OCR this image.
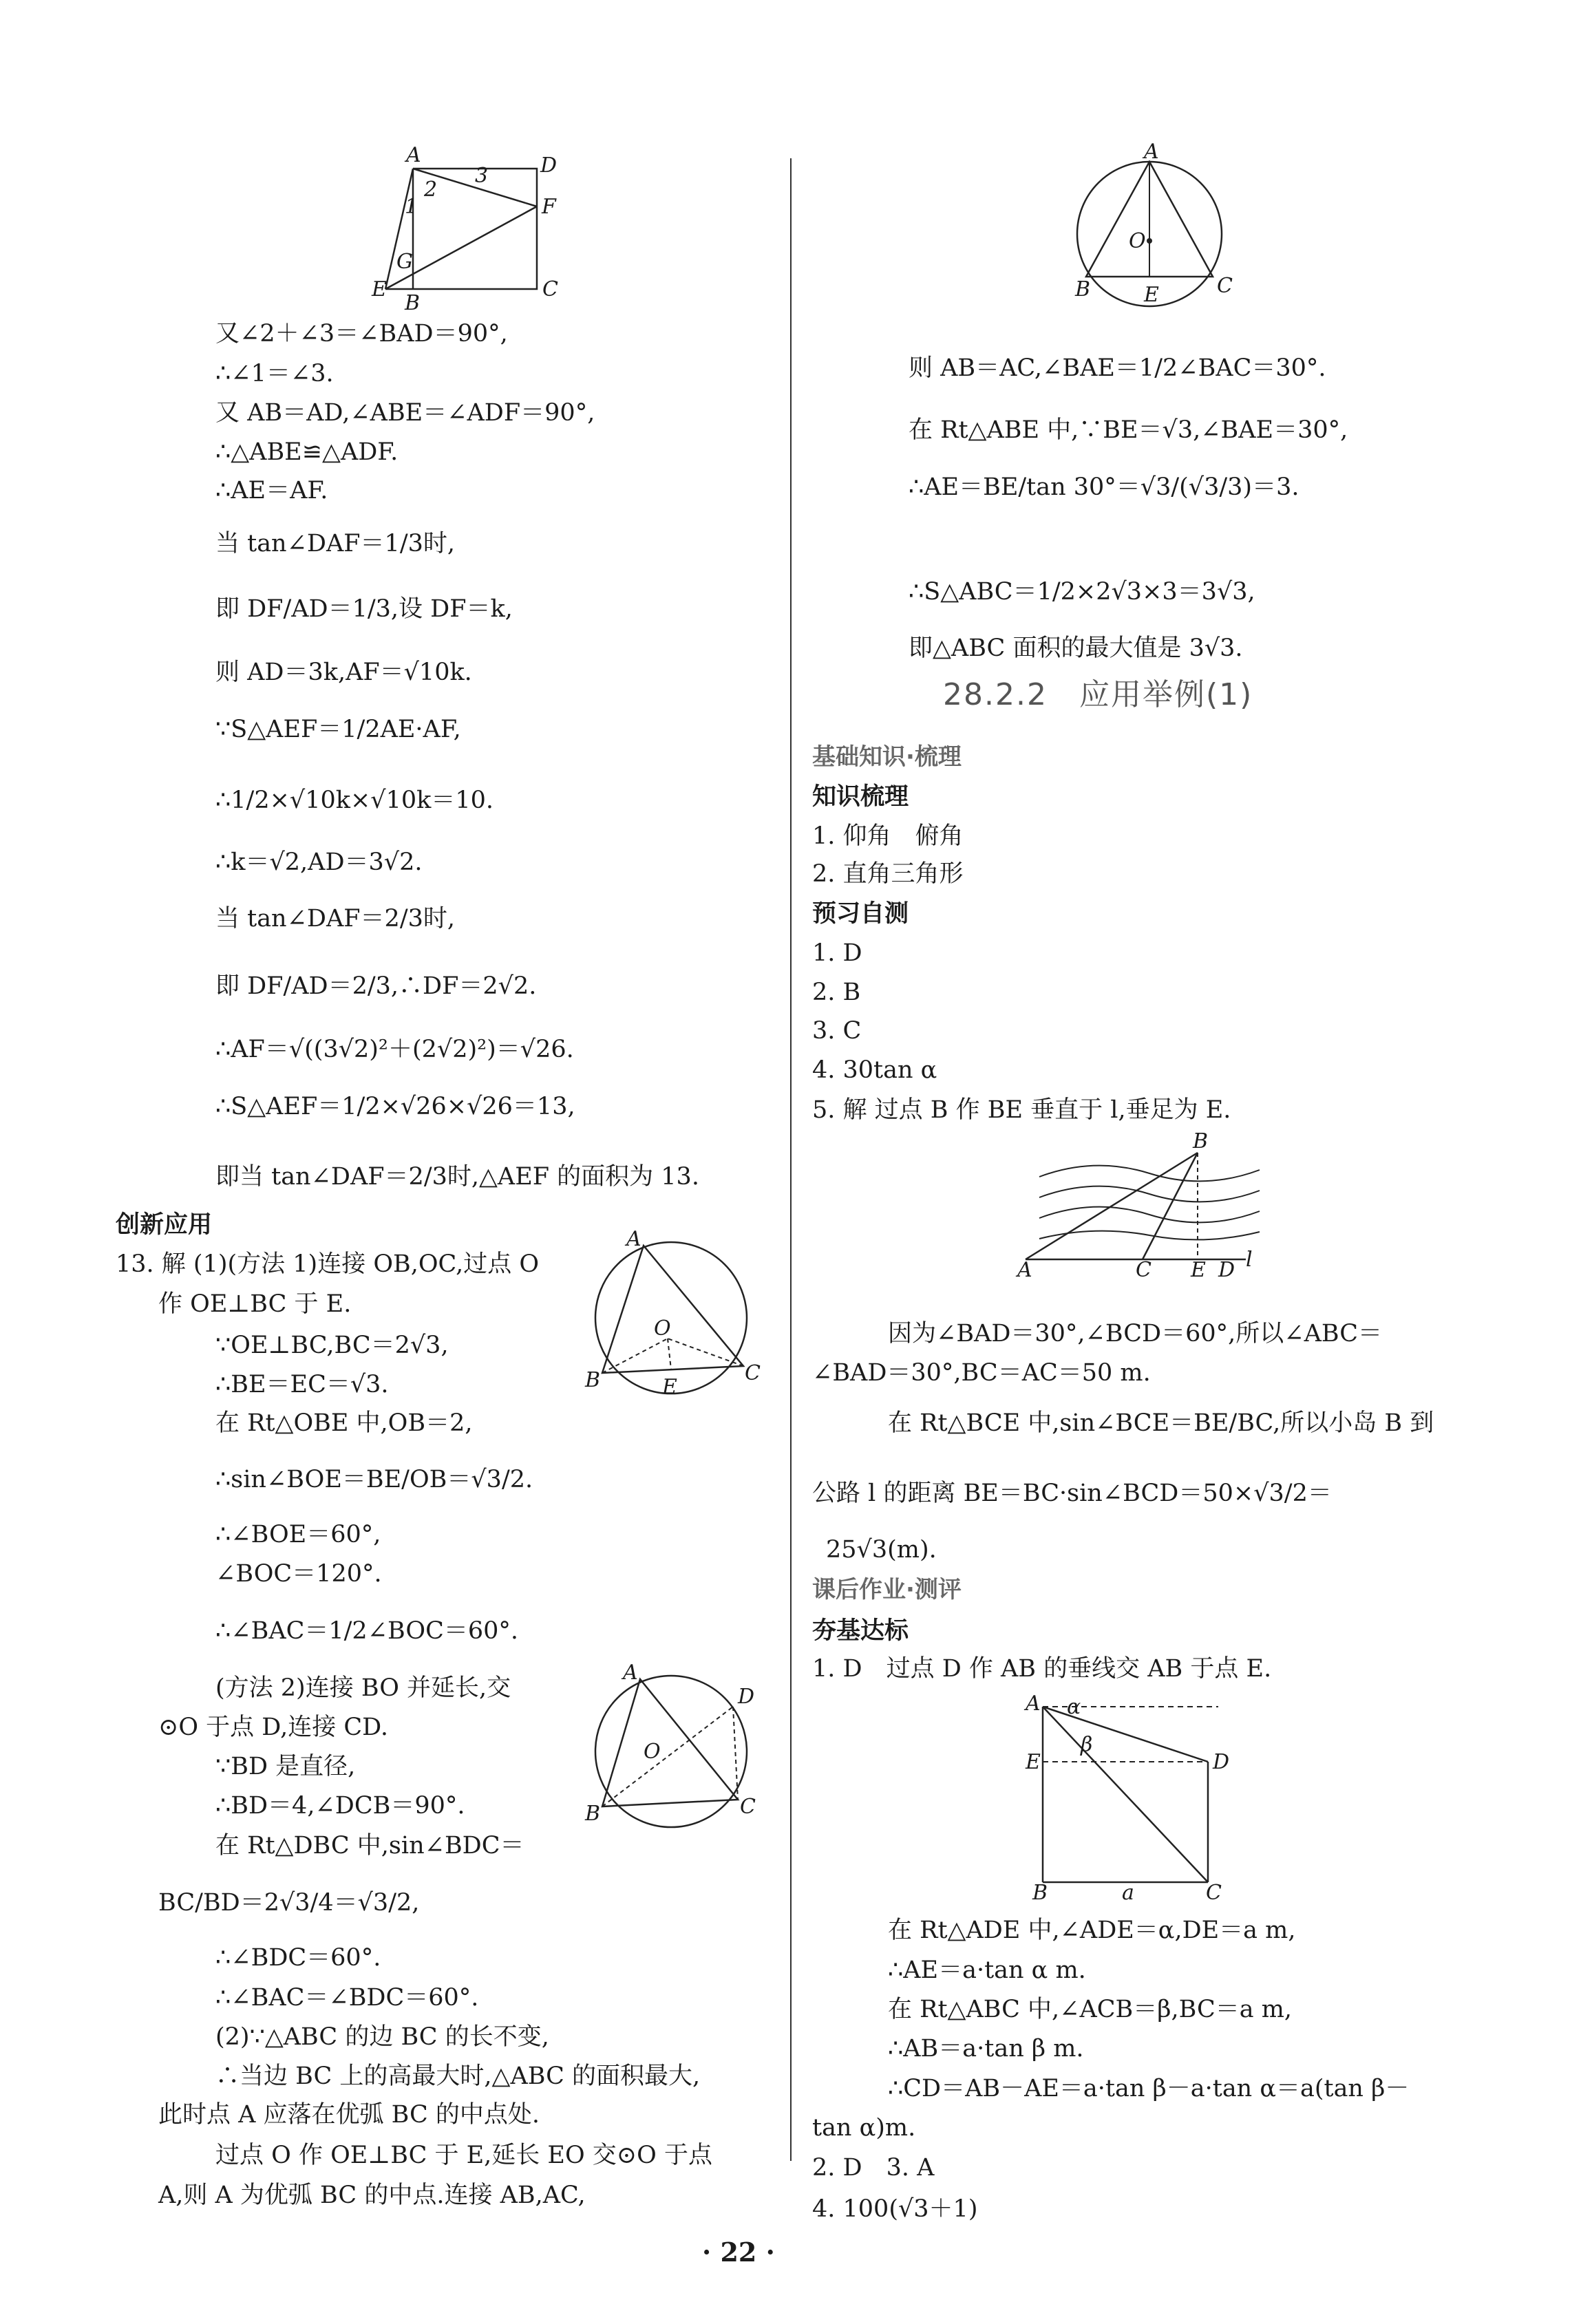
又∠2＋∠3＝∠BAD＝90°,
∴∠1＝∠3.
又 AB＝AD,∠ABE＝∠ADF＝90°,
∴△ABE≌△ADF.
∴AE＝AF.
当 tan∠DAF＝1/3时,
即 DF/AD＝1/3,设 DF＝k,
则 AD＝3k,AF＝√10k.
∵S△AEF＝1/2AE·AF,
∴1/2×√10k×√10k＝10.
∴k＝√2,AD＝3√2.
当 tan∠DAF＝2/3时,
即 DF/AD＝2/3,∴DF＝2√2.
∴AF＝√((3√2)²＋(2√2)²)＝√26.
∴S△AEF＝1/2×√26×√26＝13,
即当 tan∠DAF＝2/3时,△AEF 的面积为 13.
创新应用
13. 解 (1)(方法 1)连接 OB,OC,过点 O
作 OE⊥BC 于 E.
∵OE⊥BC,BC＝2√3,
∴BE＝EC＝√3.
在 Rt△OBE 中,OB＝2,
∴sin∠BOE＝BE/OB＝√3/2.
∴∠BOE＝60°,
∠BOC＝120°.
∴∠BAC＝1/2∠BOC＝60°.
(方法 2)连接 BO 并延长,交
⊙O 于点 D,连接 CD.
∵BD 是直径,
∴BD＝4,∠DCB＝90°.
在 Rt△DBC 中,sin∠BDC＝
BC/BD＝2√3/4＝√3/2,
∴∠BDC＝60°.
∴∠BAC＝∠BDC＝60°.
(2)∵△ABC 的边 BC 的长不变,
∴当边 BC 上的高最大时,△ABC 的面积最大,
此时点 A 应落在优弧 BC 的中点处.
过点 O 作 OE⊥BC 于 E,延长 EO 交⊙O 于点
A,则 A 为优弧 BC 的中点.连接 AB,AC,
则 AB＝AC,∠BAE＝1/2∠BAC＝30°.
在 Rt△ABE 中,∵BE＝√3,∠BAE＝30°,
∴AE＝BE/tan 30°＝√3/(√3/3)＝3.
∴S△ABC＝1/2×2√3×3＝3√3,
即△ABC 面积的最大值是 3√3.
基础知识·梳理
知识梳理
1. 仰角　俯角
2. 直角三角形
预习自测
1. D
2. B
3. C
4. 30tan α
5. 解 过点 B 作 BE 垂直于 l,垂足为 E.
因为∠BAD＝30°,∠BCD＝60°,所以∠ABC＝
∠BAD＝30°,BC＝AC＝50 m.
在 Rt△BCE 中,sin∠BCE＝BE/BC,所以小岛 B 到
公路 l 的距离 BE＝BC·sin∠BCD＝50×√3/2＝
25√3(m).
课后作业·测评
夯基达标
1. D　过点 D 作 AB 的垂线交 AB 于点 E.
在 Rt△ADE 中,∠ADE＝α,DE＝a m,
∴AE＝a·tan α m.
在 Rt△ABC 中,∠ACB＝β,BC＝a m,
∴AB＝a·tan β m.
∴CD＝AB－AE＝a·tan β－a·tan α＝a(tan β－
tan α)m.
2. D　3. A
4. 100(√3＋1)
28.2.2　应用举例(1)
· 22 ·
A	D
F
E
B
C
G
1
2
3
A
B	C
E
O
B
A	C E D l
A
B	C
O
E
A
B	C
D
O
A
E	D
B	a	C
α
β
